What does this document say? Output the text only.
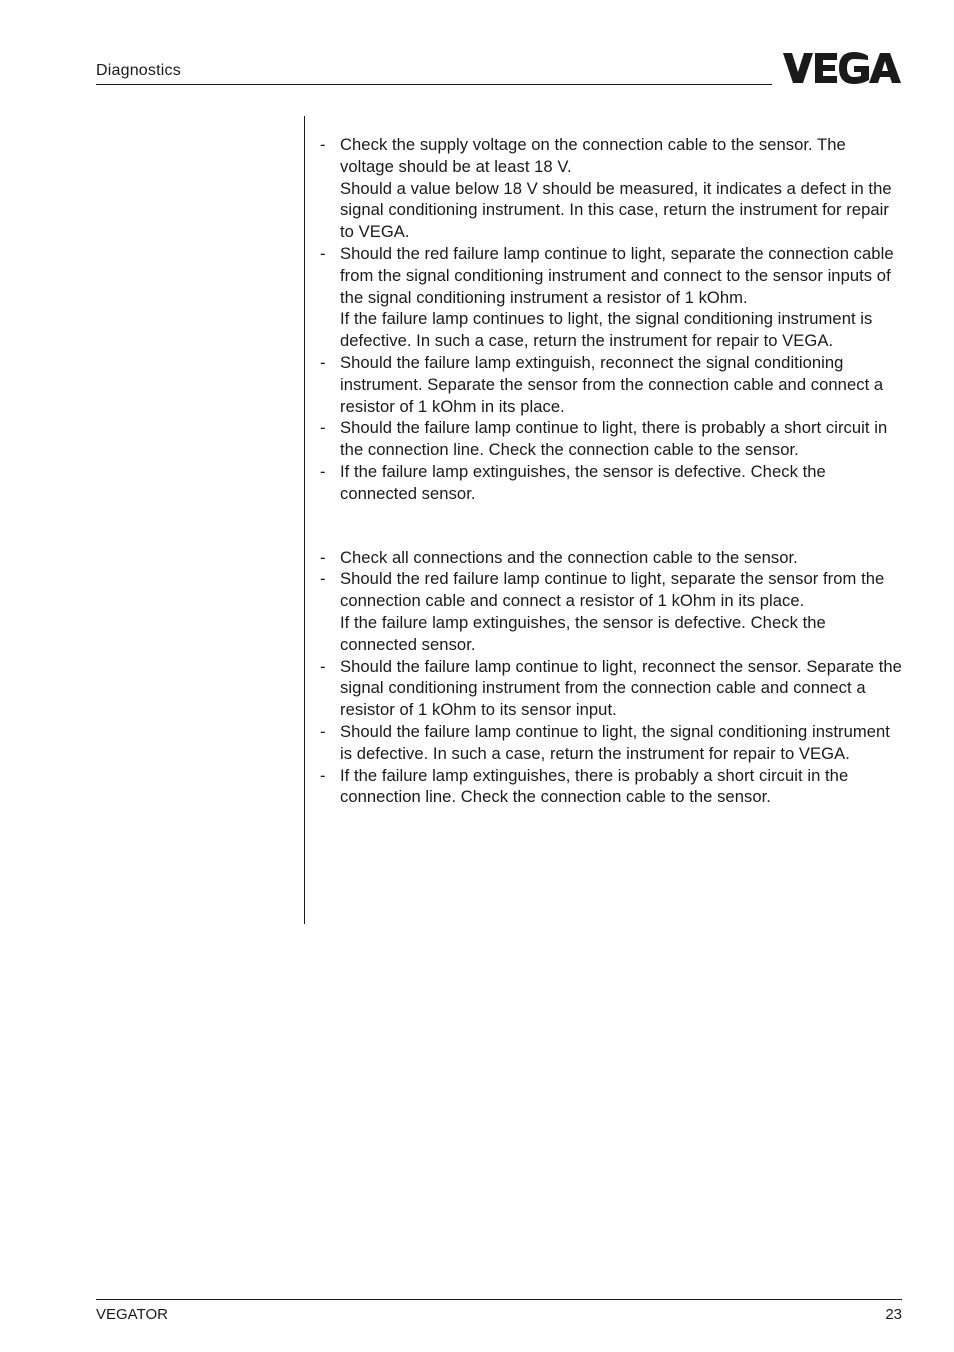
Diagnostics
- Check the supply voltage on the connection cable to the sensor. The voltage should be at least 18 V.

Should a value below 18 V should be measured, it indicates a defect in the signal conditioning instrument. In this case, return the instrument for repair to VEGA.

- Should the red failure lamp continue to light, separate the connection cable from the signal conditioning instrument and connect to the sensor inputs of the signal conditioning instrument a resistor of 1 kOhm.

If the failure lamp continues to light, the signal conditioning instrument is defective. In such a case, return the instrument for repair to VEGA.

- Should the failure lamp extinguish, reconnect the signal conditioning instrument. Separate the sensor from the connection cable and connect a resistor of 1 kOhm in its place.

- Should the failure lamp continue to light, there is probably a short circuit in the connection line. Check the connection cable to the sensor.

- If the failure lamp extinguishes, the sensor is defective. Check the connected sensor.

- Check all connections and the connection cable to the sensor.

- Should the red failure lamp continue to light, separate the sensor from the connection cable and connect a resistor of 1 kOhm in its place.

If the failure lamp extinguishes, the sensor is defective. Check the connected sensor.

- Should the failure lamp continue to light, reconnect the sensor. Separate the signal conditioning instrument from the connection cable and connect a resistor of 1 kOhm to its sensor input.

- Should the failure lamp continue to light, the signal conditioning instrument is defective. In such a case, return the instrument for repair to VEGA.

- If the failure lamp extinguishes, there is probably a short circuit in the connection line. Check the connection cable to the sensor.

VEGATOR	23
